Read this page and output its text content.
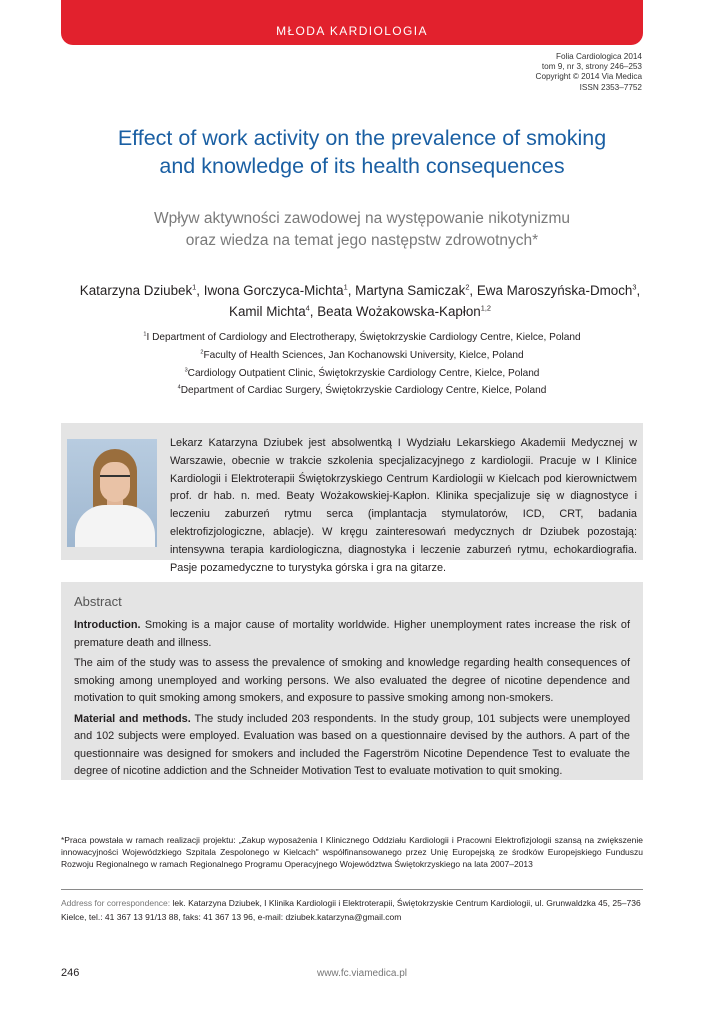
MŁODA KARDIOLOGIA
Folia Cardiologica 2014
tom 9, nr 3, strony 246–253
Copyright © 2014 Via Medica
ISSN 2353–7752
Effect of work activity on the prevalence of smoking
and knowledge of its health consequences
Wpływ aktywności zawodowej na występowanie nikotynizmu
oraz wiedza na temat jego następstw zdrowotnych*
Katarzyna Dziubek$^1$, Iwona Gorczyca-Michta$^1$, Martyna Samiczak$^2$, Ewa Maroszyńska-Dmoch$^3$,
Kamil Michta$^4$, Beata Wożakowska-Kapłon$^{1,2}$
$^1$I Department of Cardiology and Electrotherapy, Świętokrzyskie Cardiology Centre, Kielce, Poland
$^2$Faculty of Health Sciences, Jan Kochanowski University, Kielce, Poland
$^3$Cardiology Outpatient Clinic, Świętokrzyskie Cardiology Centre, Kielce, Poland
$^4$Department of Cardiac Surgery, Świętokrzyskie Cardiology Centre, Kielce, Poland
Lekarz Katarzyna Dziubek jest absolwentką I Wydziału Lekarskiego Akademii Medycznej w Warszawie, obecnie w trakcie szkolenia specjalizacyjnego z kardiologii. Pracuje w I Klinice Kardiologii i Elektroterapii Świętokrzyskiego Centrum Kardiologii w Kielcach pod kierownictwem prof. dr hab. n. med. Beaty Wożakowskiej-Kapłon. Klinika specjalizuje się w diagnostyce i leczeniu zaburzeń rytmu serca (implantacja stymulatorów, ICD, CRT, badania elektrofizjologiczne, ablacje). W kręgu zainteresowań medycznych dr Dziubek pozostają: intensywna terapia kardiologiczna, diagnostyka i leczenie zaburzeń rytmu, echokardiografia. Pasje pozamedyczne to turystyka górska i gra na gitarze.
Abstract

Introduction. Smoking is a major cause of mortality worldwide. Higher unemployment rates increase the risk of premature death and illness.

The aim of the study was to assess the prevalence of smoking and knowledge regarding health consequences of smoking among unemployed and working persons. We also evaluated the degree of nicotine dependence and motivation to quit smoking among smokers, and exposure to passive smoking among non-smokers.

Material and methods. The study included 203 respondents. In the study group, 101 subjects were unemployed and 102 subjects were employed. Evaluation was based on a questionnaire devised by the authors. A part of the questionnaire was designed for smokers and included the Fagerström Nicotine Dependence Test to evaluate the degree of nicotine addiction and the Schneider Motivation Test to evaluate motivation to quit smoking.

*Praca powstała w ramach realizacji projektu: „Zakup wyposażenia I Klinicznego Oddziału Kardiologii i Pracowni Elektrofizjologii szansą na zwiększenie innowacyjności Wojewódzkiego Szpitala Zespolonego w Kielcach" współfinansowanego przez Unię Europejską ze środków Europejskiego Funduszu Rozwoju Regionalnego w ramach Regionalnego Programu Operacyjnego Województwa Świętokrzyskiego na lata 2007–2013
Address for correspondence: lek. Katarzyna Dziubek, I Klinika Kardiologii i Elektroterapii, Świętokrzyskie Centrum Kardiologii, ul. Grunwaldzka 45, 25–736 Kielce, tel.: 41 367 13 91/13 88, faks: 41 367 13 96, e-mail: dziubek.katarzyna@gmail.com
246	www.fc.viamedica.pl
